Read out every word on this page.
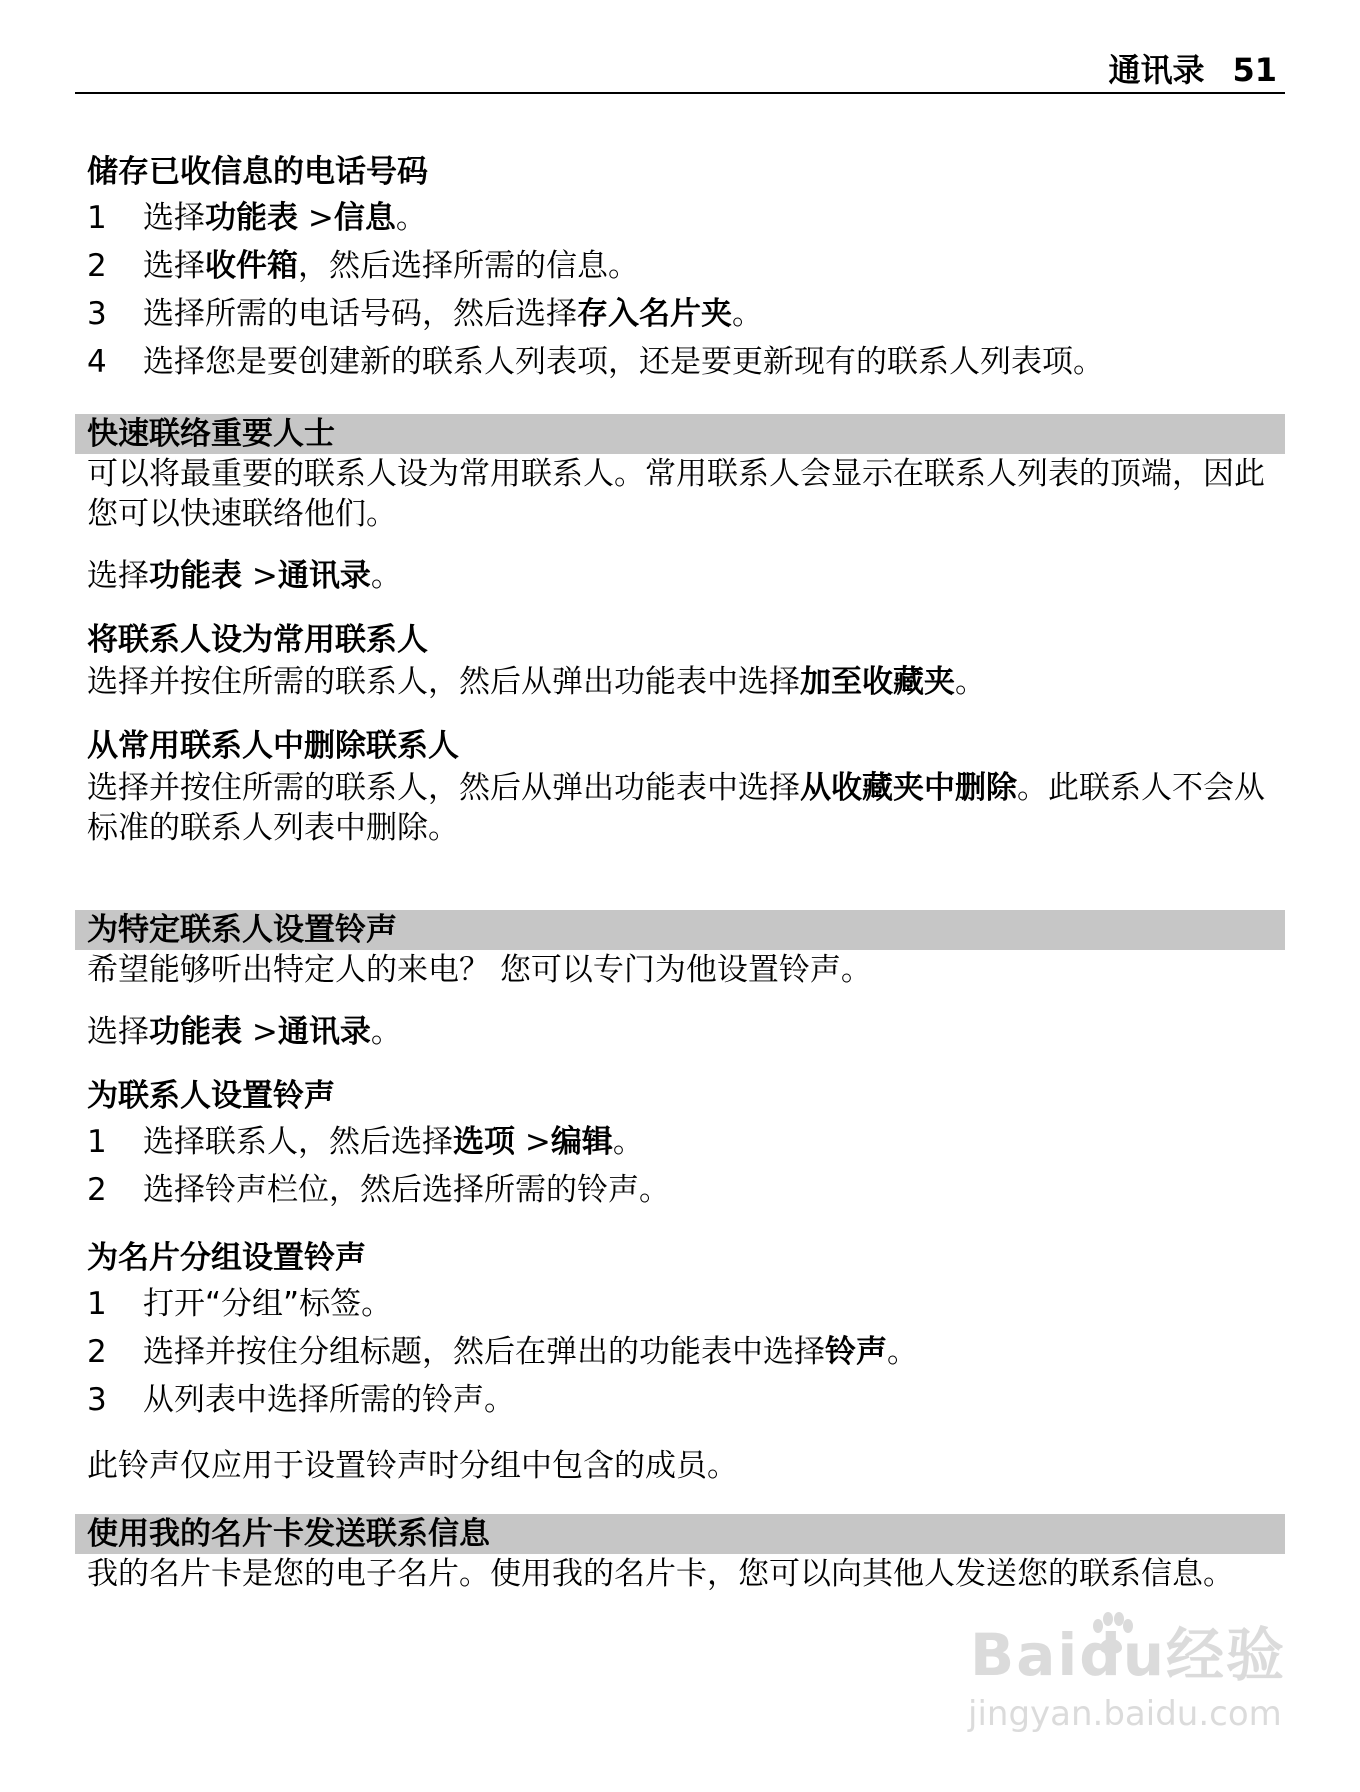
通讯录 51

储存已收信息的电话号码

1	选择功能表 >信息。
2	选择收件箱，然后选择所需的信息。
3	选择所需的电话号码，然后选择存入名片夹。
4	选择您是要创建新的联系人列表项，还是要更新现有的联系人列表项。
快速联络重要人士

可以将最重要的联系人设为常用联系人。常用联系人会显示在联系人列表的顶端，因此您可以快速联络他们。

选择功能表 >通讯录。

将联系人设为常用联系人

选择并按住所需的联系人，然后从弹出功能表中选择加至收藏夹。

从常用联系人中删除联系人

选择并按住所需的联系人，然后从弹出功能表中选择从收藏夹中删除。此联系人不会从标准的联系人列表中删除。

为特定联系人设置铃声

希望能够听出特定人的来电？ 您可以专门为他设置铃声。

选择功能表 >通讯录。

为联系人设置铃声

1	选择联系人，然后选择选项 >编辑。
2	选择铃声栏位，然后选择所需的铃声。

为名片分组设置铃声

1	打开“分组”标签。
2	选择并按住分组标题，然后在弹出的功能表中选择铃声。
3	从列表中选择所需的铃声。

此铃声仅应用于设置铃声时分组中包含的成员。

使用我的名片卡发送联系信息

我的名片卡是您的电子名片。使用我的名片卡，您可以向其他人发送您的联系信息。

Baidu经验
jingyan.baidu.com
